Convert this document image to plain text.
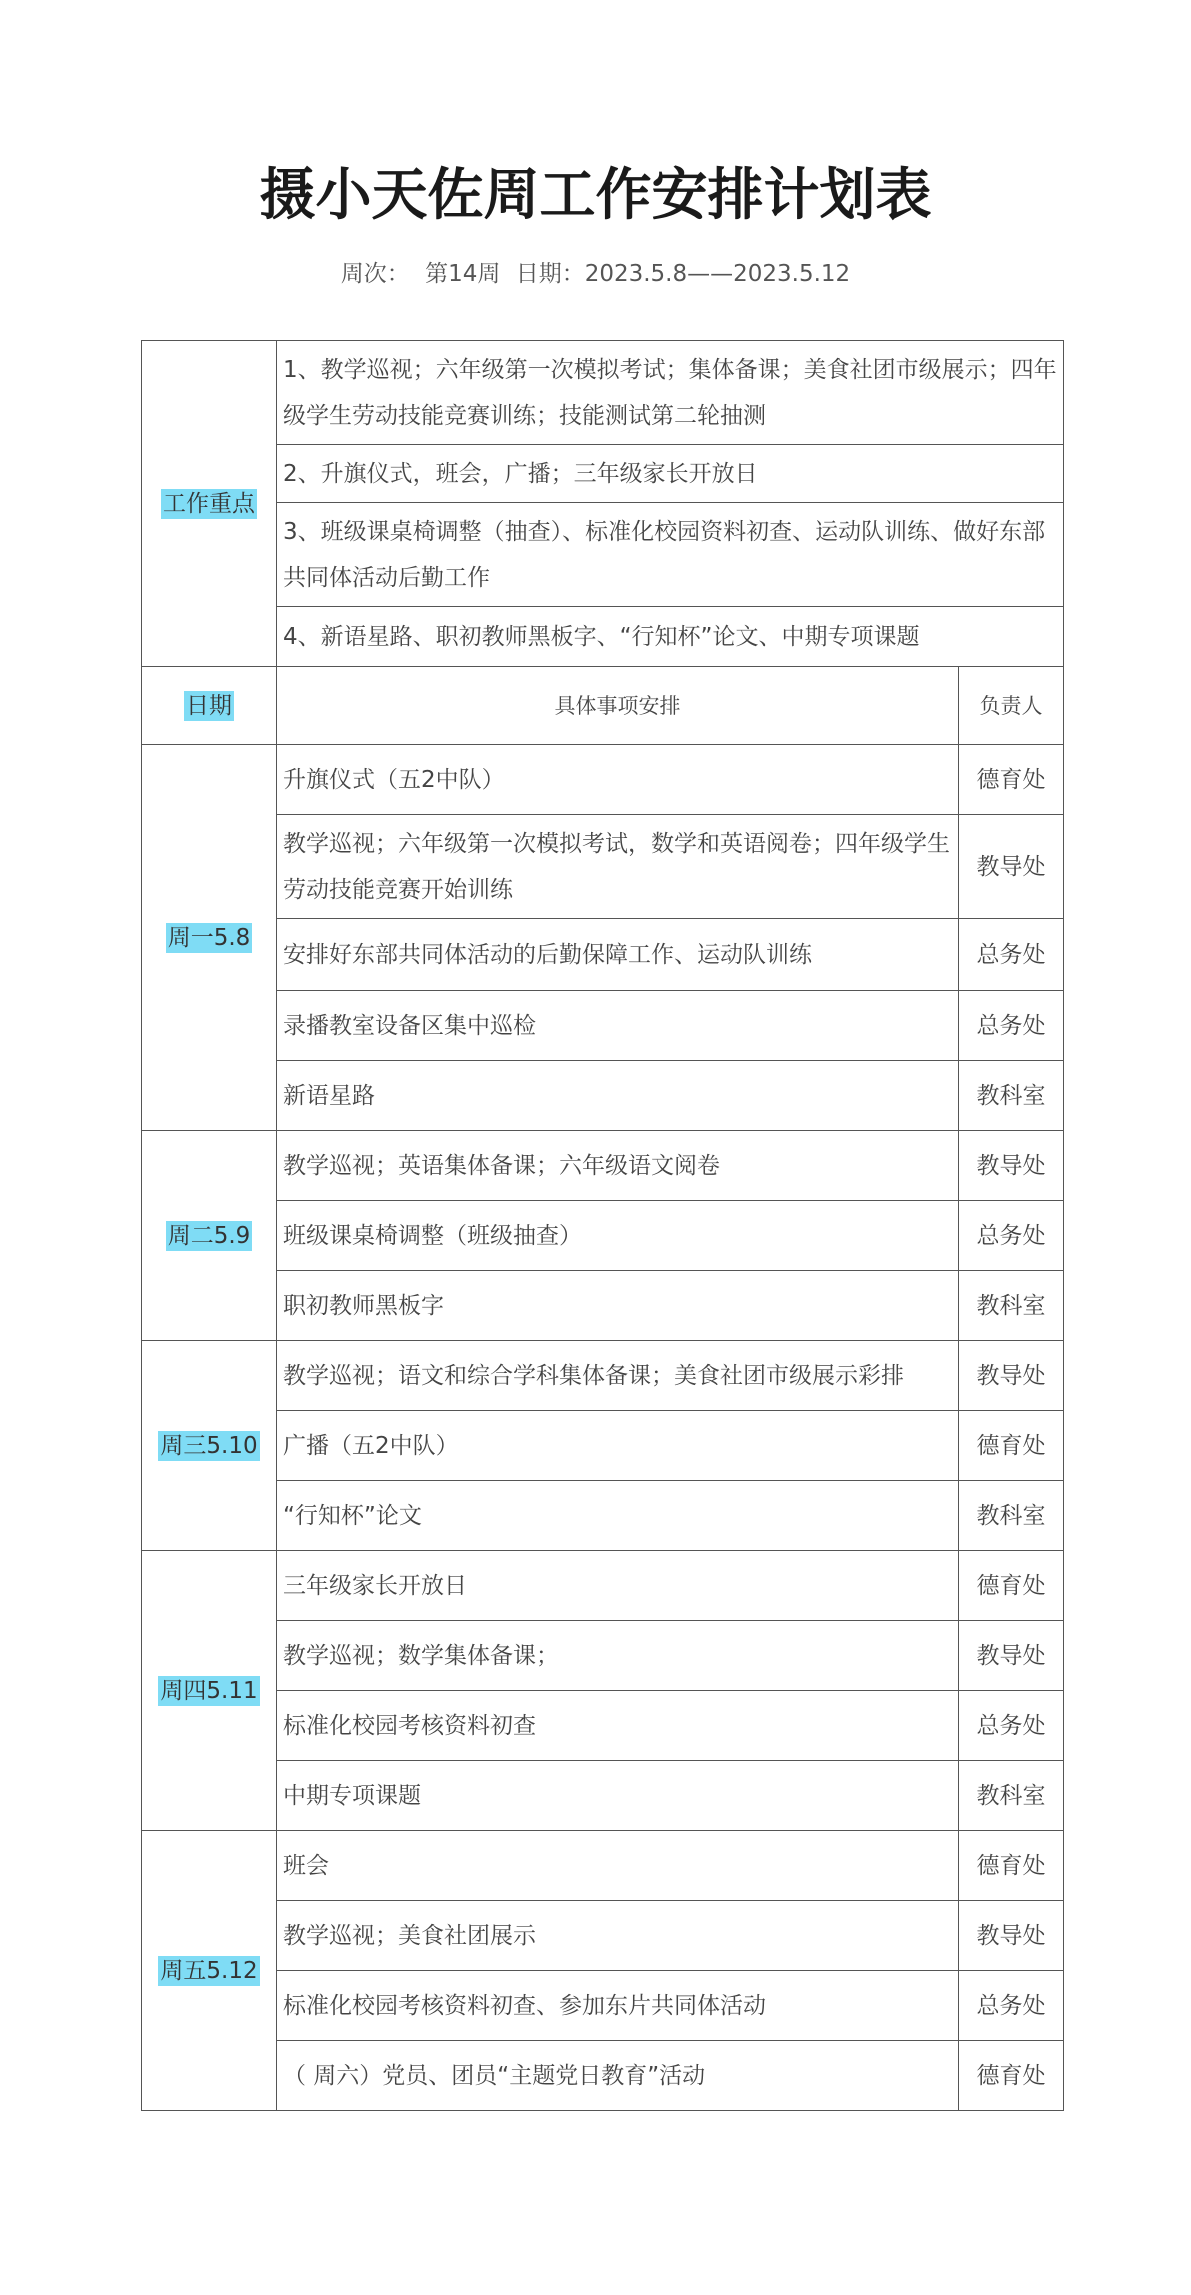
摄小天佐周工作安排计划表
周次： 第14周 日期：2023.5.8——2023.5.12
工作重点	1、教学巡视；六年级第一次模拟考试；集体备课；美食社团市级展示；四年级学生劳动技能竞赛训练；技能测试第二轮抽测	
	2、升旗仪式，班会，广播；三年级家长开放日	
	3、班级课桌椅调整（抽查）、标准化校园资料初查、运动队训练、做好东部共同体活动后勤工作	
	4、新语星路、职初教师黑板字、“行知杯”论文、中期专项课题	
日期	具体事项安排	负责人
周一5.8	升旗仪式（五2中队）	德育处
	教学巡视；六年级第一次模拟考试，数学和英语阅卷；四年级学生劳动技能竞赛开始训练	教导处
	安排好东部共同体活动的后勤保障工作、运动队训练	总务处
	录播教室设备区集中巡检	总务处
	新语星路	教科室
周二5.9	教学巡视；英语集体备课；六年级语文阅卷	教导处
	班级课桌椅调整（班级抽查）	总务处
	职初教师黑板字	教科室
周三5.10	教学巡视；语文和综合学科集体备课；美食社团市级展示彩排	教导处
	广播（五2中队）	德育处
	“行知杯”论文	教科室
周四5.11	三年级家长开放日	德育处
	教学巡视；数学集体备课；	教导处
	标准化校园考核资料初查	总务处
	中期专项课题	教科室
周五5.12	班会	德育处
	教学巡视；美食社团展示	教导处
	标准化校园考核资料初查、参加东片共同体活动	总务处
	（ 周六）党员、团员“主题党日教育”活动	德育处
